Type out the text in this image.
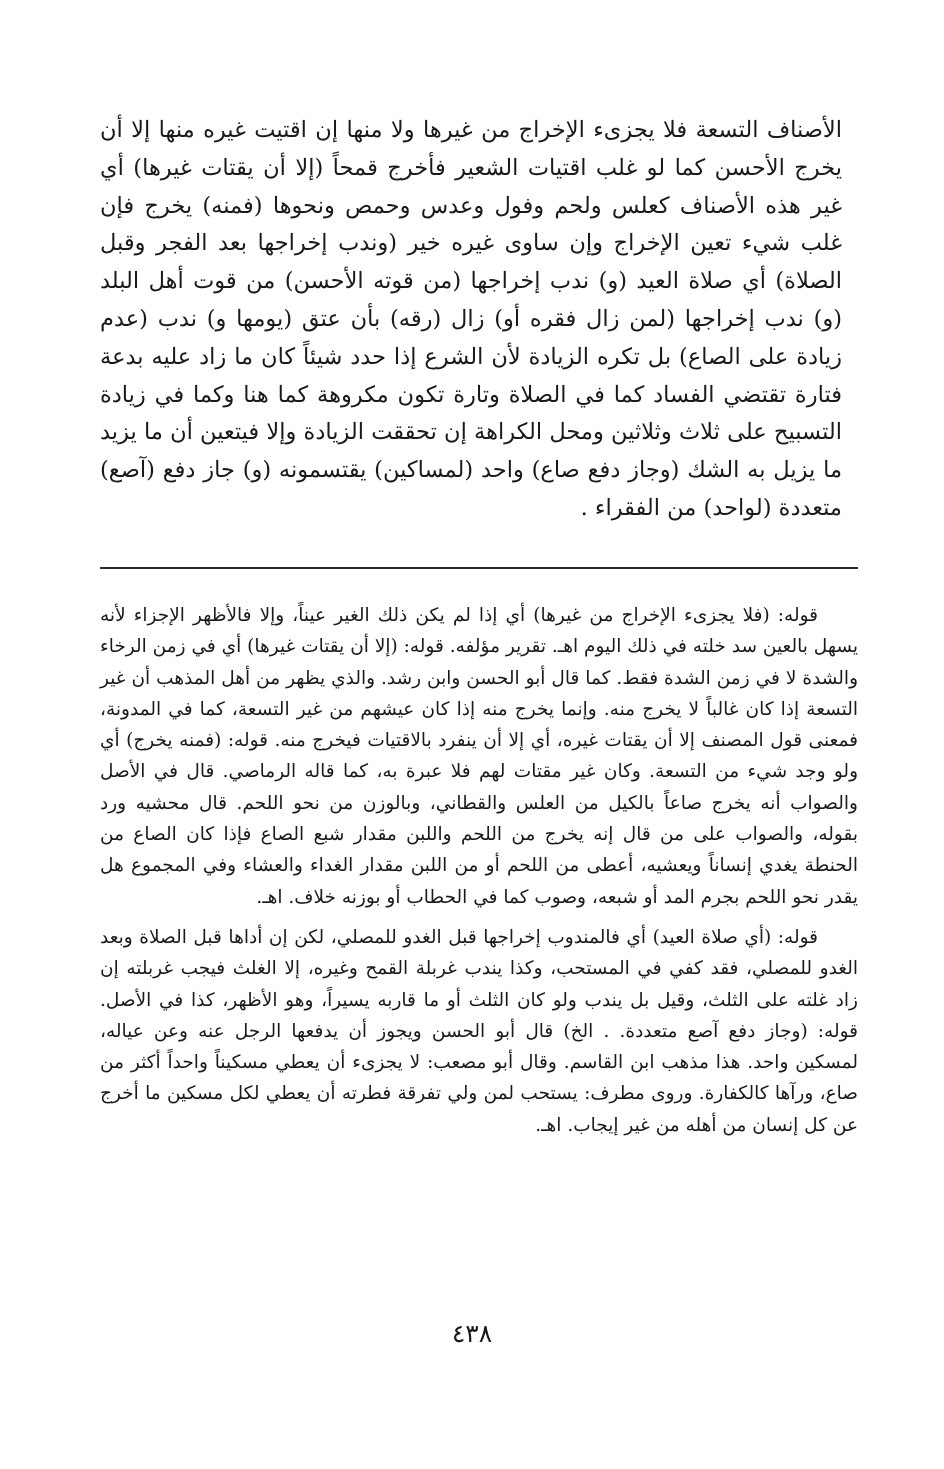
الأصناف التسعة فلا يجزىء الإخراج من غيرها ولا منها إن اقتيت غيره منها إلا أن يخرج الأحسن كما لو غلب اقتيات الشعير فأخرج قمحاً (إلا أن يقتات غيرها) أي غير هذه الأصناف كعلس ولحم وفول وعدس وحمص ونحوها (فمنه) يخرج فإن غلب شيء تعين الإخراج وإن ساوى غيره خير (وندب إخراجها بعد الفجر وقبل الصلاة) أي صلاة العيد (و) ندب إخراجها (من قوته الأحسن) من قوت أهل البلد (و) ندب إخراجها (لمن زال فقره أو) زال (رقه) بأن عتق (يومها و) ندب (عدم زيادة على الصاع) بل تكره الزيادة لأن الشرع إذا حدد شيئاً كان ما زاد عليه بدعة فتارة تقتضي الفساد كما في الصلاة وتارة تكون مكروهة كما هنا وكما في زيادة التسبيح على ثلاث وثلاثين ومحل الكراهة إن تحققت الزيادة وإلا فيتعين أن ما يزيد ما يزيل به الشك (وجاز دفع صاع) واحد (لمساكين) يقتسمونه (و) جاز دفع (آصع) متعددة (لواحد) من الفقراء .

قوله: (فلا يجزىء الإخراج من غيرها) أي إذا لم يكن ذلك الغير عيناً، وإلا فالأظهر الإجزاء لأنه يسهل بالعين سد خلته في ذلك اليوم اهـ. تقرير مؤلفه. قوله: (إلا أن يقتات غيرها) أي في زمن الرخاء والشدة لا في زمن الشدة فقط. كما قال أبو الحسن وابن رشد. والذي يظهر من أهل المذهب أن غير التسعة إذا كان غالباً لا يخرج منه. وإنما يخرج منه إذا كان عيشهم من غير التسعة، كما في المدونة، فمعنى قول المصنف إلا أن يقتات غيره، أي إلا أن ينفرد بالاقتيات فيخرج منه. قوله: (فمنه يخرج) أي ولو وجد شيء من التسعة. وكان غير مقتات لهم فلا عبرة به، كما قاله الرماصي. قال في الأصل والصواب أنه يخرج صاعاً بالكيل من العلس والقطاني، وبالوزن من نحو اللحم. قال محشيه ورد بقوله، والصواب على من قال إنه يخرج من اللحم واللبن مقدار شبع الصاع فإذا كان الصاع من الحنطة يغدي إنساناً ويعشيه، أعطى من اللحم أو من اللبن مقدار الغداء والعشاء وفي المجموع هل يقدر نحو اللحم بجرم المد أو شبعه، وصوب كما في الحطاب أو بوزنه خلاف. اهـ.

قوله: (أي صلاة العيد) أي فالمندوب إخراجها قبل الغدو للمصلي، لكن إن أداها قبل الصلاة وبعد الغدو للمصلي، فقد كفي في المستحب، وكذا يندب غربلة القمح وغيره، إلا الغلث فيجب غربلته إن زاد غلته على الثلث، وقيل بل يندب ولو كان الثلث أو ما قاربه يسيراً، وهو الأظهر، كذا في الأصل. قوله: (وجاز دفع آصع متعددة. . الخ) قال أبو الحسن ويجوز أن يدفعها الرجل عنه وعن عياله، لمسكين واحد. هذا مذهب ابن القاسم. وقال أبو مصعب: لا يجزىء أن يعطي مسكيناً واحداً أكثر من صاع، ورآها كالكفارة. وروى مطرف: يستحب لمن ولي تفرقة فطرته أن يعطي لكل مسكين ما أخرج عن كل إنسان من أهله من غير إيجاب. اهـ.

٤٣٨
